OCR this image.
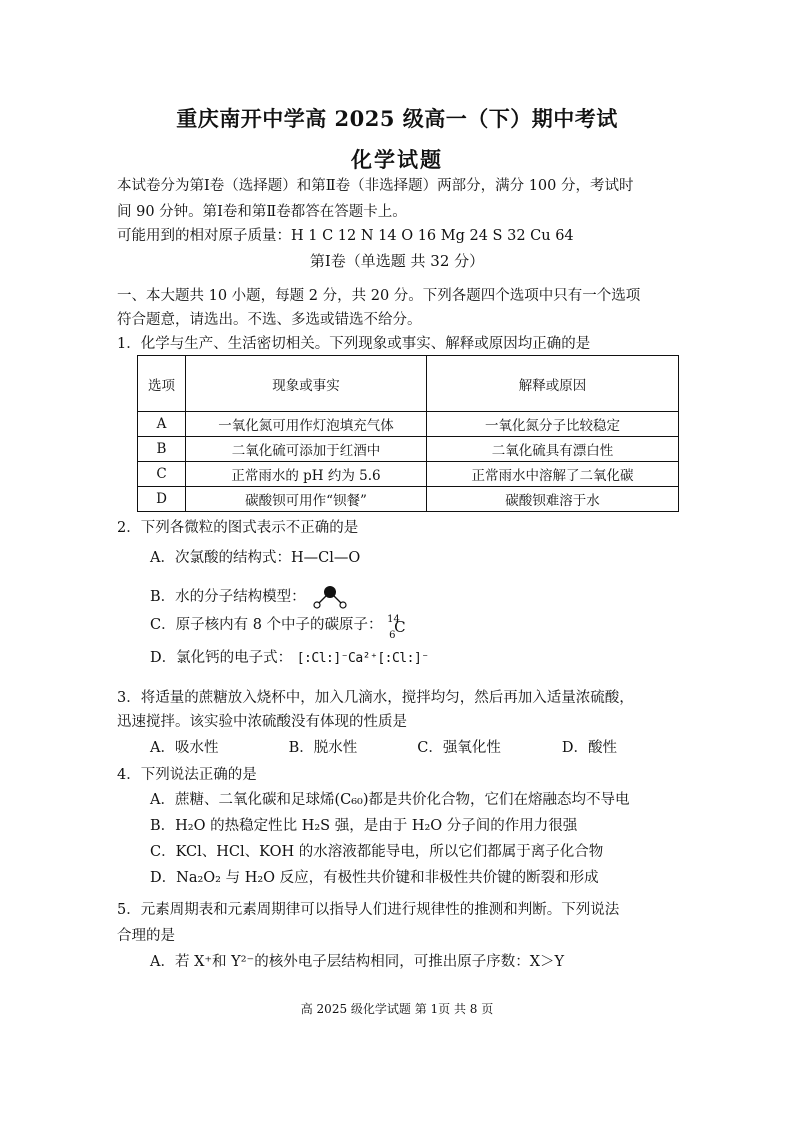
重庆南开中学高 2025 级高一（下）期中考试
化学试题
本试卷分为第Ⅰ卷（选择题）和第Ⅱ卷（非选择题）两部分，满分 100 分，考试时
间 90 分钟。第Ⅰ卷和第Ⅱ卷都答在答题卡上。
可能用到的相对原子质量：H 1 C 12 N 14 O 16 Mg 24 S 32 Cu 64
第Ⅰ卷（单选题 共 32 分）
一、本大题共 10 小题，每题 2 分，共 20 分。下列各题四个选项中只有一个选项
符合题意，请选出。不选、多选或错选不给分。
1．化学与生产、生活密切相关。下列现象或事实、解释或原因均正确的是
选项	现象或事实	解释或原因
A	一氧化氮可用作灯泡填充气体	一氧化氮分子比较稳定
B	二氧化硫可添加于红酒中	二氧化硫具有漂白性
C	正常雨水的 pH 约为 5.6	正常雨水中溶解了二氧化碳
D	碳酸钡可用作“钡餐”	碳酸钡难溶于水
2．下列各微粒的图式表示不正确的是
A．次氯酸的结构式：H—Cl—O
B．水的分子结构模型：
C．原子核内有 8 个中子的碳原子： 14
6
C
D．氯化钙的电子式： [:Cl:]⁻Ca²⁺[:Cl:]⁻
3．将适量的蔗糖放入烧杯中，加入几滴水，搅拌均匀，然后再加入适量浓硫酸，
迅速搅拌。该实验中浓硫酸没有体现的性质是
A．吸水性	B．脱水性	C．强氧化性	D．酸性
4．下列说法正确的是
A．蔗糖、二氧化碳和足球烯(C₆₀)都是共价化合物，它们在熔融态均不导电
B．H₂O 的热稳定性比 H₂S 强，是由于 H₂O 分子间的作用力很强
C．KCl、HCl、KOH 的水溶液都能导电，所以它们都属于离子化合物
D．Na₂O₂ 与 H₂O 反应，有极性共价键和非极性共价键的断裂和形成
5．元素周期表和元素周期律可以指导人们进行规律性的推测和判断。下列说法
合理的是
A．若 X⁺和 Y²⁻的核外电子层结构相同，可推出原子序数：X＞Y
高 2025 级化学试题 第 1页 共 8 页
